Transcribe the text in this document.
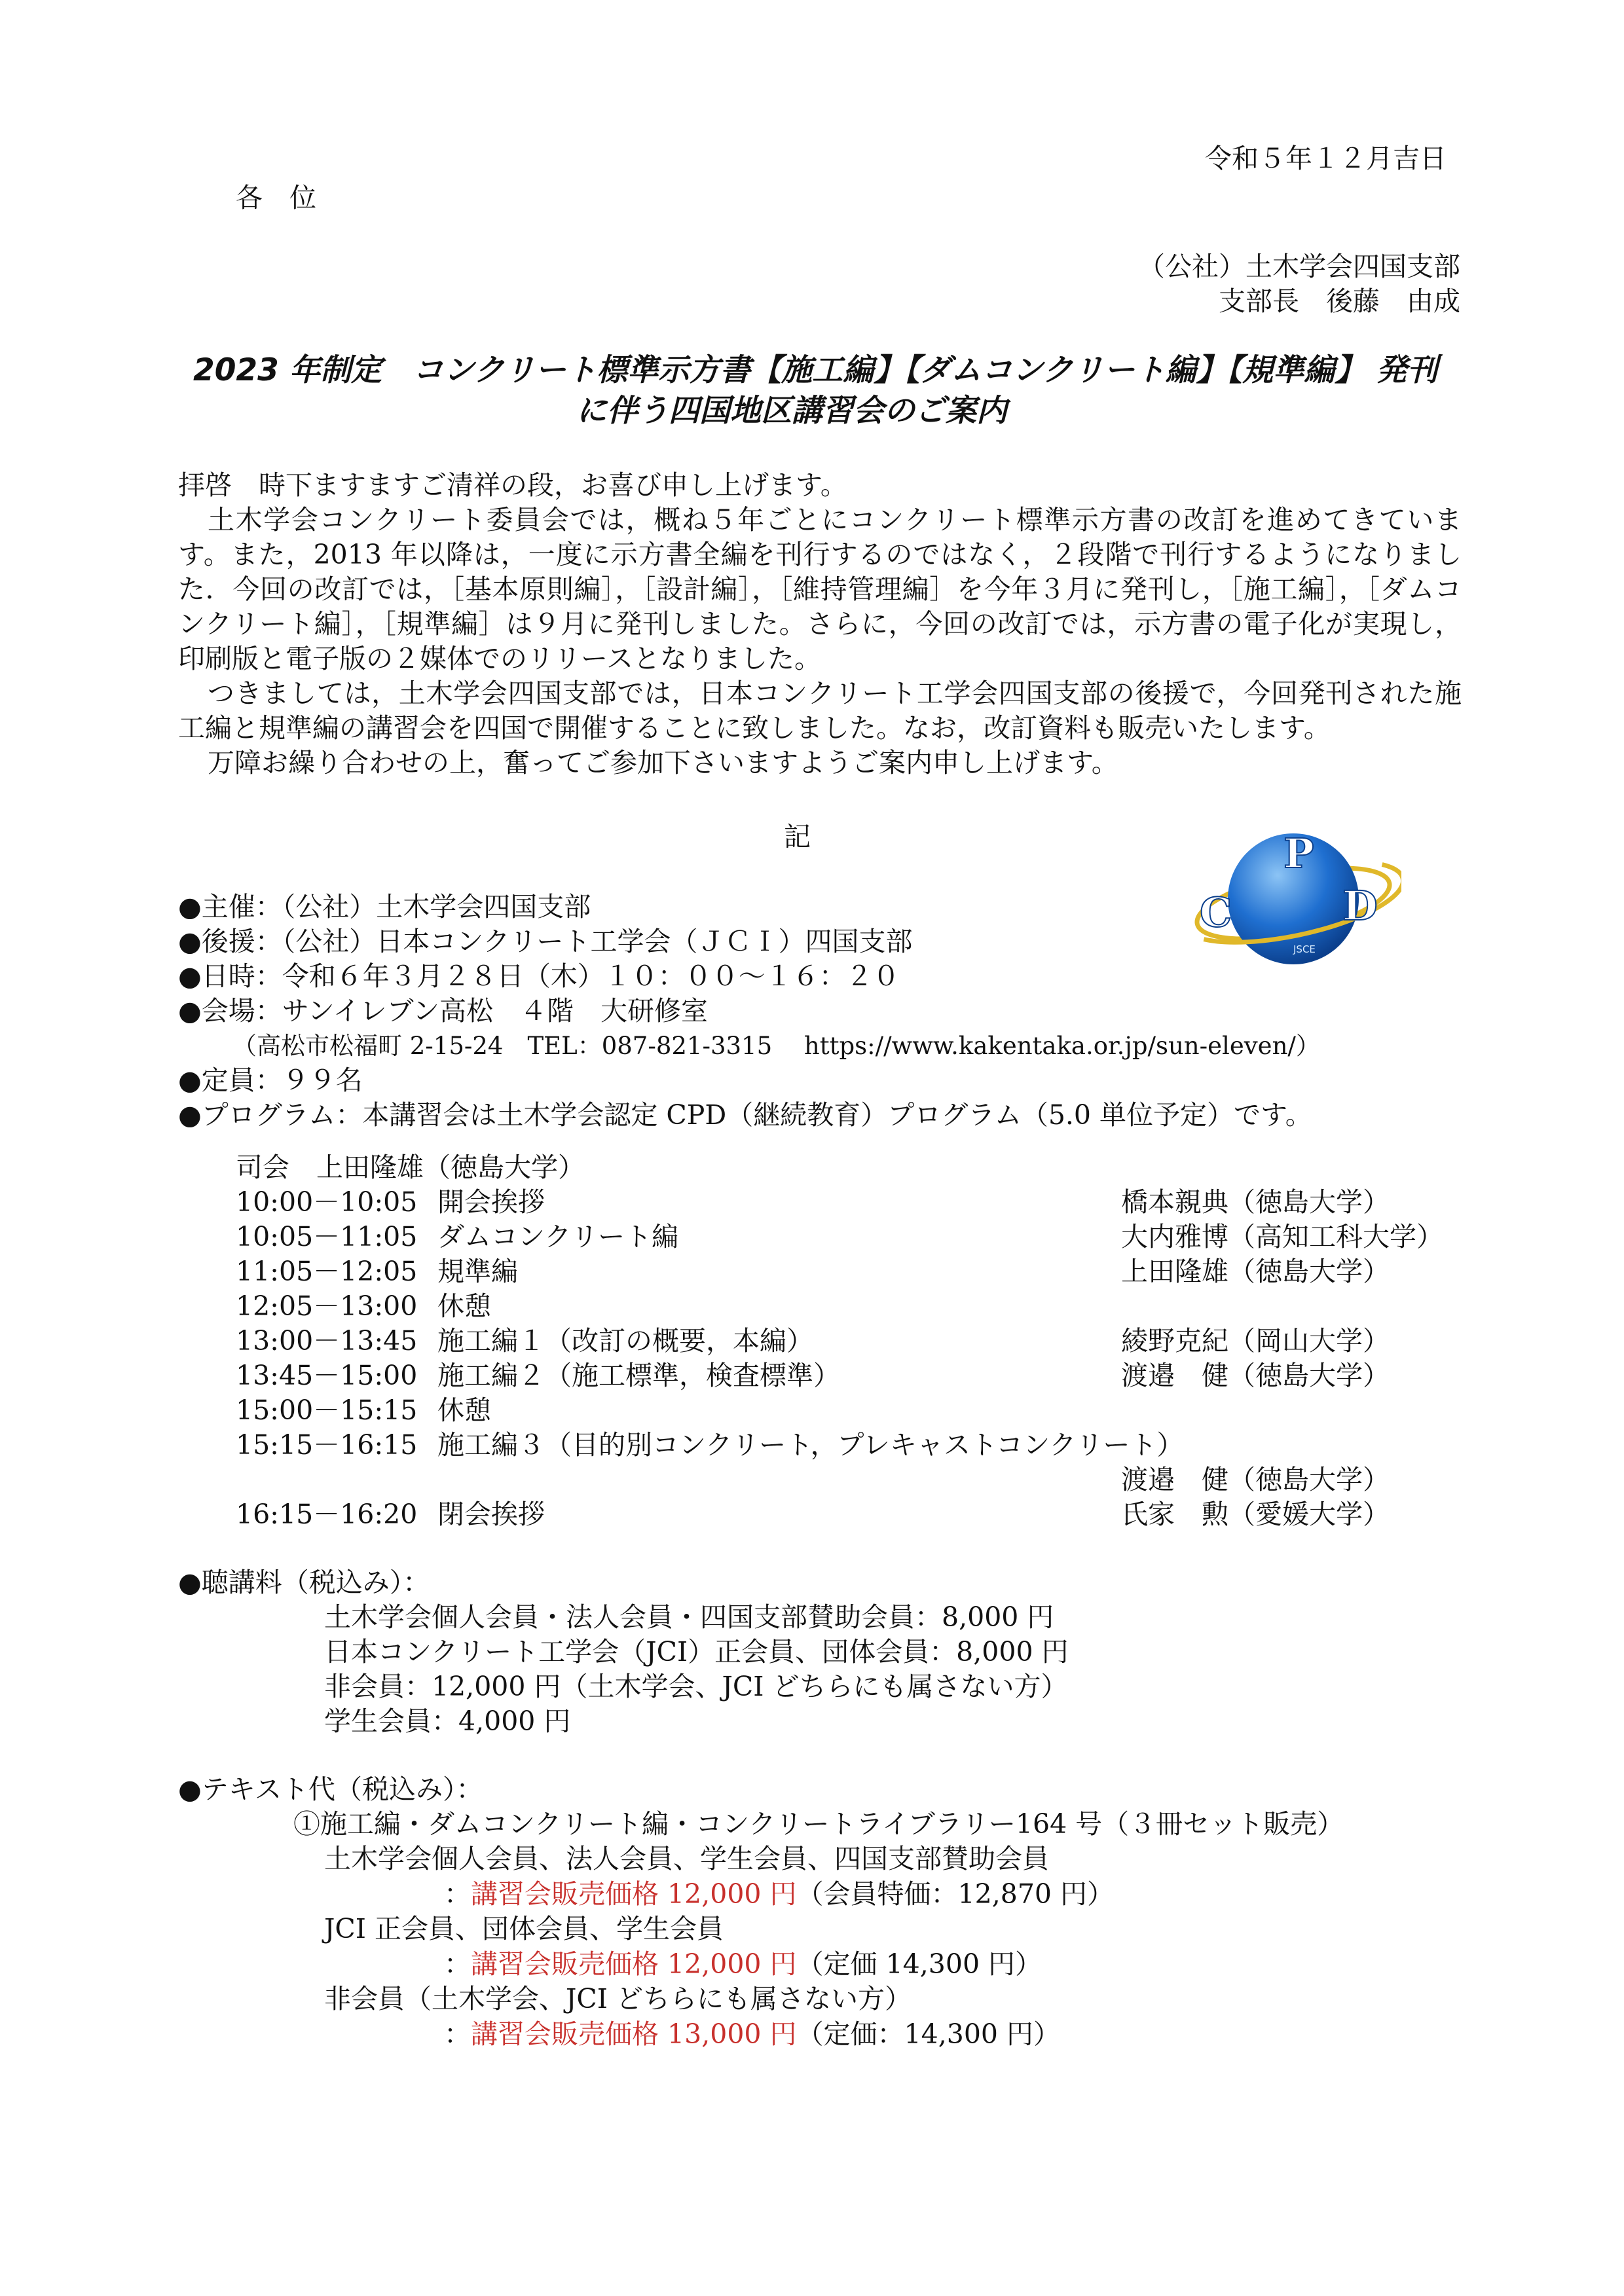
令和５年１２月吉日
各　位
（公社）土木学会四国支部
支部長　後藤　由成
2023 年制定　コンクリート標準示方書【施工編】【ダムコンクリート編】【規準編】 発刊
に伴う四国地区講習会のご案内

拝啓　時下ますますご清祥の段，お喜び申し上げます。

土木学会コンクリート委員会では，概ね５年ごとにコンクリート標準示方書の改訂を進めてきています。また，2013 年以降は，一度に示方書全編を刊行するのではなく，２段階で刊行するようになりました．今回の改訂では，［基本原則編］，［設計編］，［維持管理編］を今年３月に発刊し，［施工編］，［ダムコンクリート編］，［規準編］は９月に発刊しました。さらに，今回の改訂では，示方書の電子化が実現し，印刷版と電子版の２媒体でのリリースとなりました。

つきましては，土木学会四国支部では，日本コンクリート工学会四国支部の後援で，今回発刊された施工編と規準編の講習会を四国で開催することに致しました。なお，改訂資料も販売いたします。

万障お繰り合わせの上，奮ってご参加下さいますようご案内申し上げます。

記	P
C	D
JSCE
●主催：（公社）土木学会四国支部
●後援：（公社）日本コンクリート工学会（ＪＣＩ）四国支部
●日時：令和６年３月２８日（木）１０：００～１６：２０
●会場：サンイレブン高松　４階　大研修室
（高松市松福町 2-15-24　TEL：087-821-3315　 https://www.kakentaka.or.jp/sun-eleven/）
●定員：９９名
●プログラム：本講習会は土木学会認定 CPD（継続教育）プログラム（5.0 単位予定）です。
司会　上田隆雄（徳島大学）
10:00－10:05 開会挨拶	橋本親典（徳島大学）
10:05－11:05 ダムコンクリート編	大内雅博（高知工科大学）
11:05－12:05 規準編	上田隆雄（徳島大学）
12:05－13:00 休憩
13:00－13:45 施工編１（改訂の概要，本編）	綾野克紀（岡山大学）
13:45－15:00 施工編２（施工標準，検査標準）	渡邉　健（徳島大学）
15:00－15:15 休憩
15:15－16:15 施工編３（目的別コンクリート，プレキャストコンクリート）
渡邉　健（徳島大学）
16:15－16:20 閉会挨拶	氏家　勲（愛媛大学）
●聴講料（税込み）：
土木学会個人会員・法人会員・四国支部賛助会員：8,000 円
日本コンクリート工学会（JCI）正会員、団体会員：8,000 円
非会員：12,000 円（土木学会、JCI どちらにも属さない方）
学生会員：4,000 円
●テキスト代（税込み）：
①施工編・ダムコンクリート編・コンクリートライブラリー164 号（３冊セット販売）
土木学会個人会員、法人会員、学生会員、四国支部賛助会員
：講習会販売価格 12,000 円（会員特価：12,870 円）
JCI 正会員、団体会員、学生会員
：講習会販売価格 12,000 円（定価 14,300 円）
非会員（土木学会、JCI どちらにも属さない方）
：講習会販売価格 13,000 円（定価：14,300 円）
